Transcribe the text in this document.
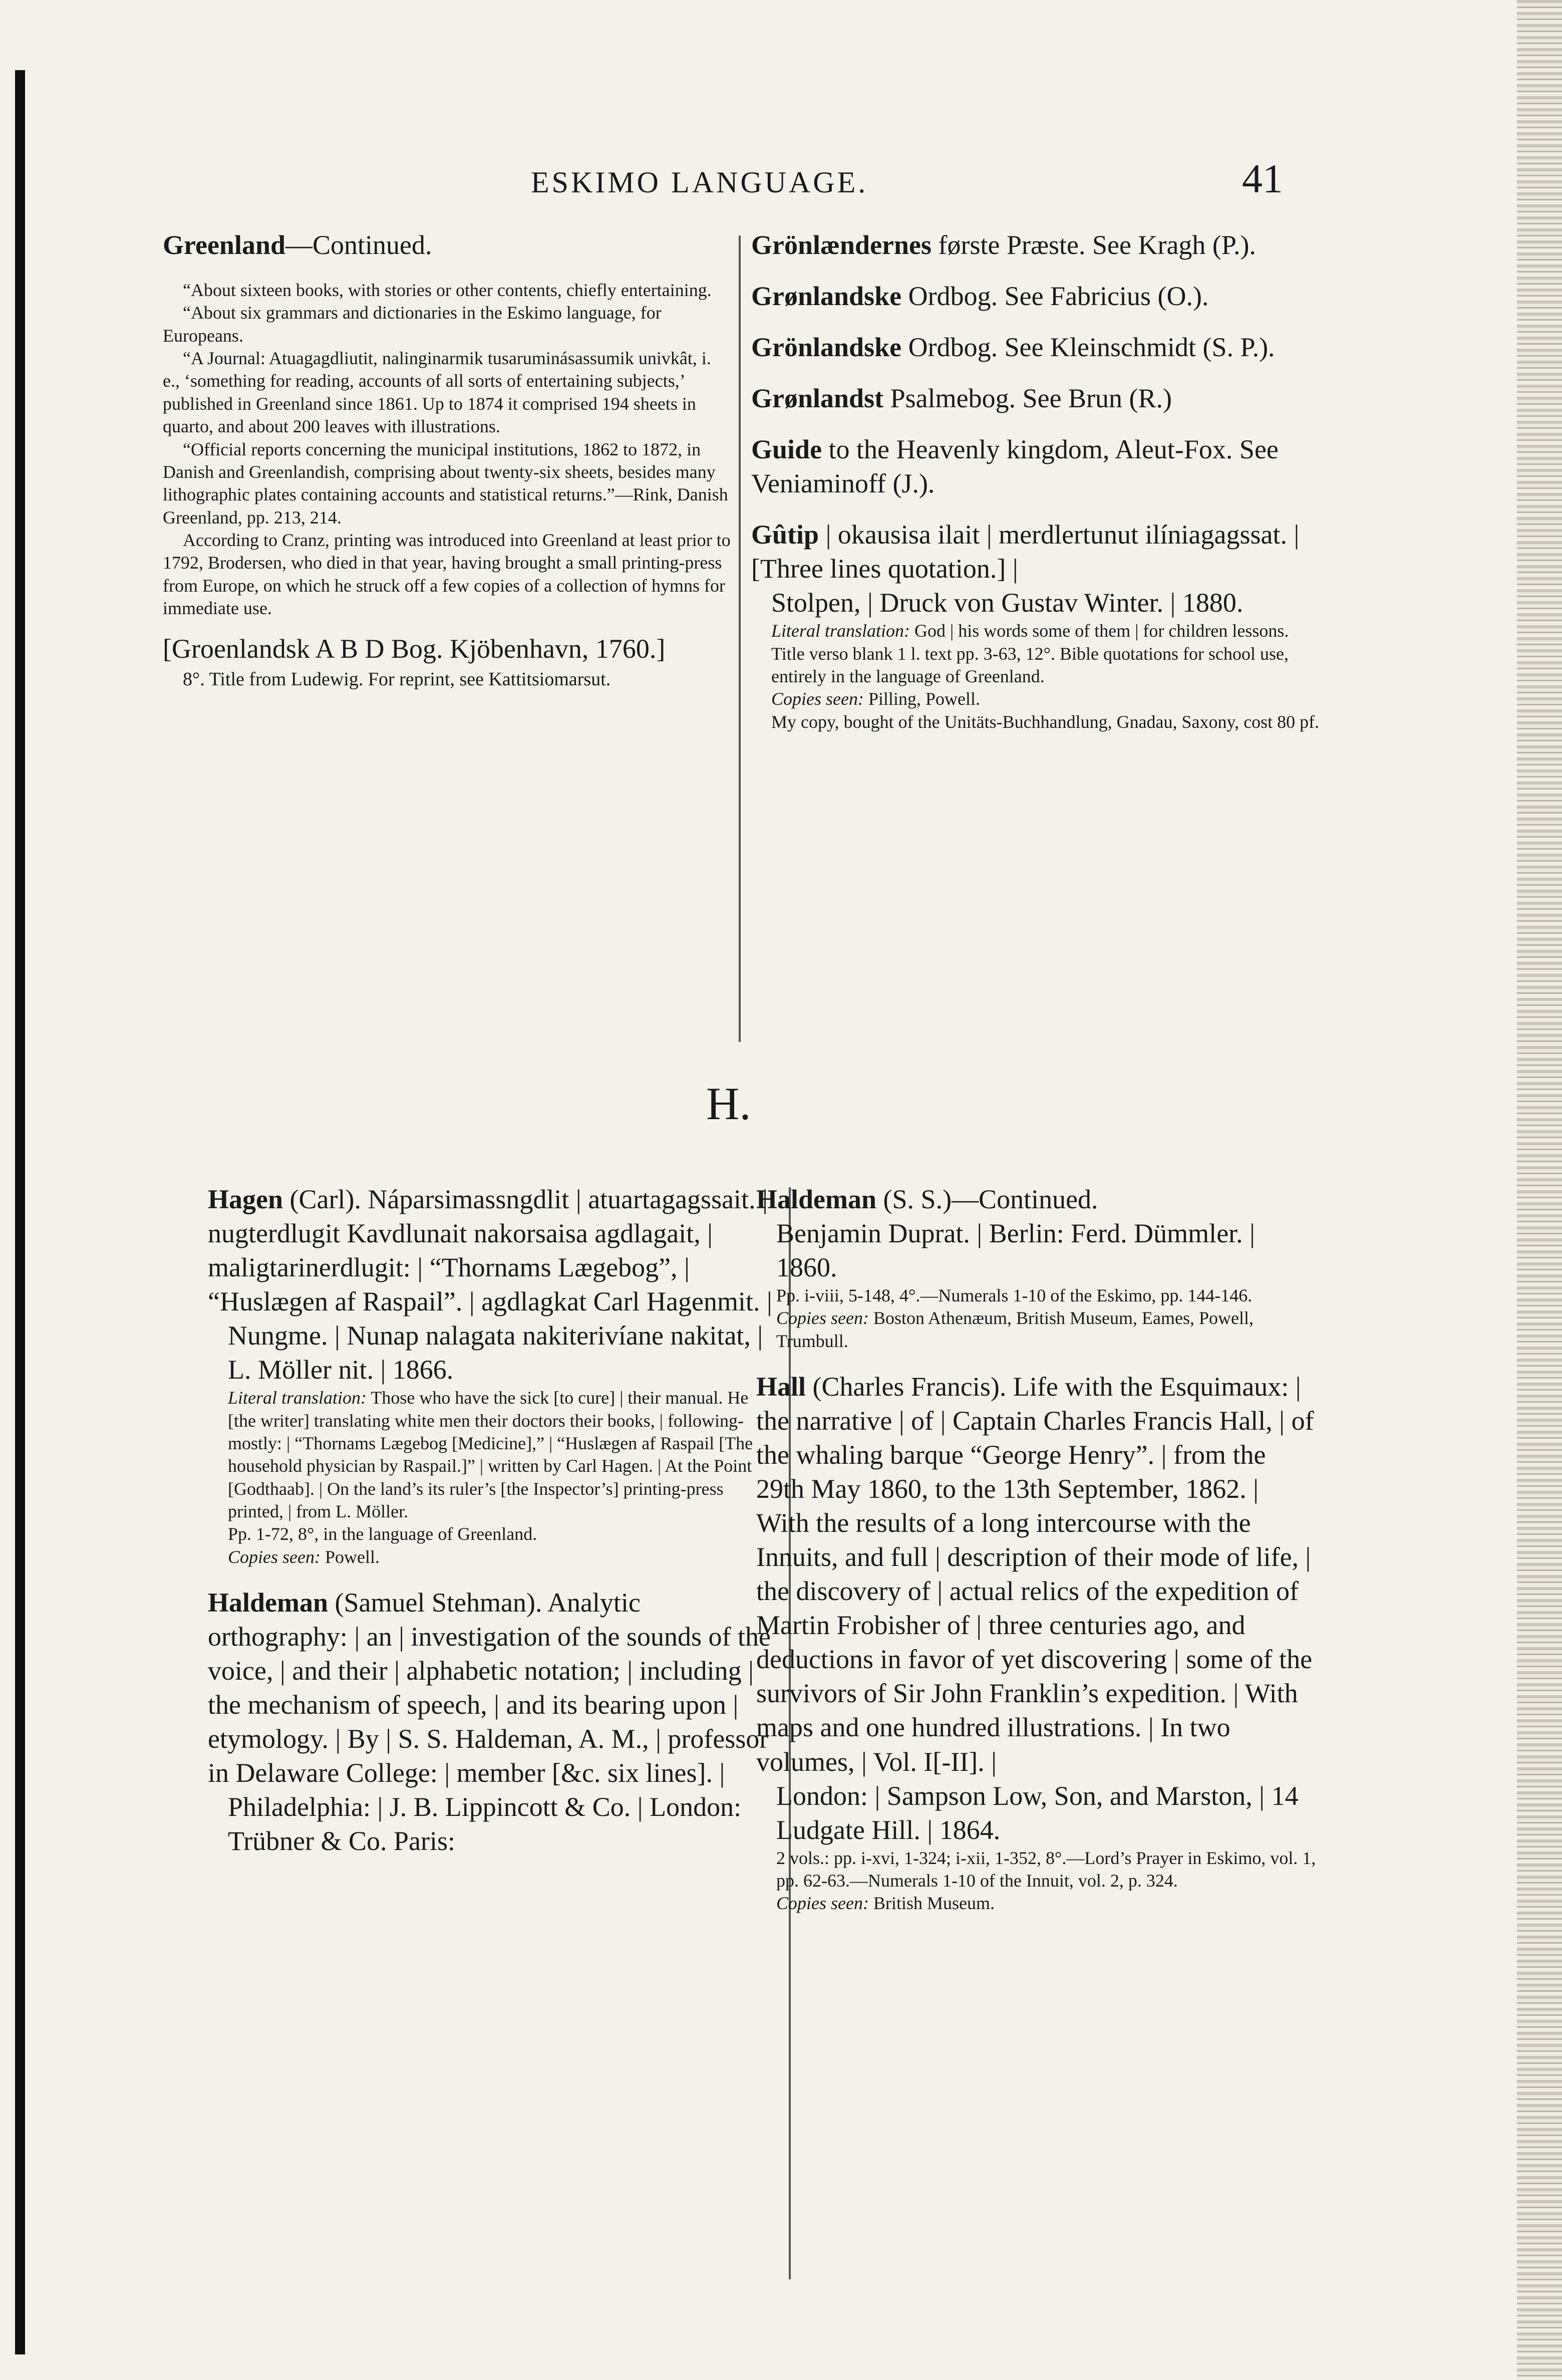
ESKIMO LANGUAGE.	41
Greenland—Continued.

“About sixteen books, with stories or other contents, chiefly entertaining.

“About six grammars and dictionaries in the Eskimo language, for Europeans.

“A Journal: Atuagagdliutit, nalinginarmik tusaruminásassumik univkât, i. e., ‘something for reading, accounts of all sorts of entertaining subjects,’ published in Greenland since 1861. Up to 1874 it comprised 194 sheets in quarto, and about 200 leaves with illustrations.

“Official reports concerning the municipal institutions, 1862 to 1872, in Danish and Greenlandish, comprising about twenty-six sheets, besides many lithographic plates containing accounts and statistical returns.”—Rink, Danish Greenland, pp. 213, 214.

According to Cranz, printing was introduced into Greenland at least prior to 1792, Brodersen, who died in that year, having brought a small printing-press from Europe, on which he struck off a few copies of a collection of hymns for immediate use.

[Groenlandsk A B D Bog. Kjöbenhavn, 1760.]
8°. Title from Ludewig. For reprint, see Kattitsiomarsut.
Grönlændernes første Præste. See Kragh (P.).
Grønlandske Ordbog. See Fabricius (O.).
Grönlandske Ordbog. See Kleinschmidt (S. P.).
Grønlandst Psalmebog. See Brun (R.)
Guide to the Heavenly kingdom, Aleut-Fox. See Veniaminoff (J.).
Gûtip | okausisa ilait | merdlertunut ilíniagagssat. | [Three lines quotation.] |
Stolpen, | Druck von Gustav Winter. | 1880.
Literal translation: God | his words some of them | for children lessons.
Title verso blank 1 l. text pp. 3-63, 12°. Bible quotations for school use, entirely in the language of Greenland.
Copies seen: Pilling, Powell.
My copy, bought of the Unitäts-Buchhandlung, Gnadau, Saxony, cost 80 pf.
H.
Hagen (Carl). Náparsimassngdlit | atuartagagssait. | nugterdlugit Kavdlunait nakorsaisa agdlagait, | maligtarinerdlugit: | “Thornams Lægebog”, | “Huslægen af Raspail”. | agdlagkat Carl Hagenmit. |
Nungme. | Nunap nalagata nakiterivíane nakitat, | L. Möller nit. | 1866.
Literal translation: Those who have the sick [to cure] | their manual. He [the writer] translating white men their doctors their books, | following-mostly: | “Thornams Lægebog [Medicine],” | “Huslægen af Raspail [The household physician by Raspail.]” | written by Carl Hagen. | At the Point [Godthaab]. | On the land’s its ruler’s [the Inspector’s] printing-press printed, | from L. Möller.
Pp. 1-72, 8°, in the language of Greenland.
Copies seen: Powell.
Haldeman (Samuel Stehman). Analytic orthography: | an | investigation of the sounds of the voice, | and their | alphabetic notation; | including | the mechanism of speech, | and its bearing upon | etymology. | By | S. S. Haldeman, A. M., | professor in Delaware College: | member [&c. six lines]. |
Philadelphia: | J. B. Lippincott & Co. | London: Trübner & Co. Paris:
Haldeman (S. S.)—Continued.
Benjamin Duprat. | Berlin: Ferd. Dümmler. | 1860.
Pp. i-viii, 5-148, 4°.—Numerals 1-10 of the Eskimo, pp. 144-146.
Copies seen: Boston Athenæum, British Museum, Eames, Powell, Trumbull.
Hall (Charles Francis). Life with the Esquimaux: | the narrative | of | Captain Charles Francis Hall, | of the whaling barque “George Henry”. | from the 29th May 1860, to the 13th September, 1862. | With the results of a long intercourse with the Innuits, and full | description of their mode of life, | the discovery of | actual relics of the expedition of Martin Frobisher of | three centuries ago, and deductions in favor of yet discovering | some of the survivors of Sir John Franklin’s expedition. | With maps and one hundred illustrations. | In two volumes, | Vol. I[-II]. |
London: | Sampson Low, Son, and Marston, | 14 Ludgate Hill. | 1864.
2 vols.: pp. i-xvi, 1-324; i-xii, 1-352, 8°.—Lord’s Prayer in Eskimo, vol. 1, pp. 62-63.—Numerals 1-10 of the Innuit, vol. 2, p. 324.
Copies seen: British Museum.
